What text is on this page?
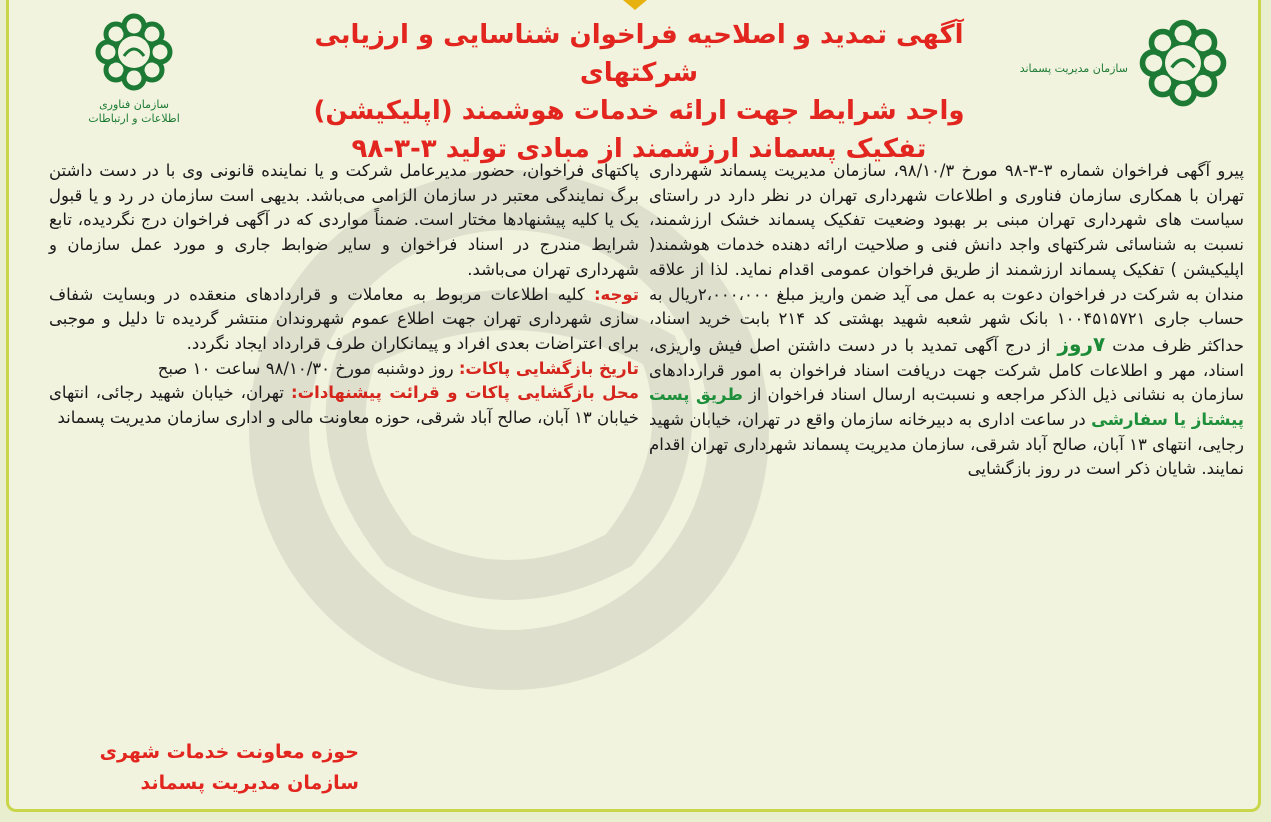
سازمان فناوری
اطلاعات و ارتباطات
سازمان مدیریت پسماند
آگهی تمدید و اصلاحیه فراخوان شناسایی و ارزیابی شرکتهای
واجد شرایط جهت ارائه خدمات هوشمند (اپلیکیشن)
تفکیک پسماند ارزشمند از مبادی تولید ۳-۳-۹۸

پیرو آگهی فراخوان شماره ۳-۳-۹۸ مورخ ۹۸/۱۰/۳، سازمان مدیریت پسماند شهرداری تهران با همکاری سازمان فناوری و اطلاعات شهرداری تهران در نظر دارد در راستای سیاست های شهرداری تهران مبنی بر بهبود وضعیت تفکیک پسماند خشک ارزشمند، نسبت به شناسائی شرکتهای واجد دانش فنی و صلاحیت ارائه دهنده خدمات هوشمند( اپلیکیشن ) تفکیک پسماند ارزشمند از طریق فراخوان عمومی اقدام نماید. لذا از علاقه مندان به شرکت در فراخوان دعوت به عمل می آید ضمن واریز مبلغ ۲،۰۰۰،۰۰۰ریال به حساب جاری ۱۰۰۴۵۱۵۷۲۱ بانک شهر شعبه شهید بهشتی کد ۲۱۴ بابت خرید اسناد، حداکثر ظرف مدت ۷روز از درج آگهی تمدید با در دست داشتن اصل فیش واریزی، اسناد، مهر و اطلاعات کامل شرکت جهت دریافت اسناد فراخوان به امور قراردادهای سازمان به نشانی ذیل الذکر مراجعه و نسبت‌به ارسال اسناد فراخوان از طریق پست پیشتاز یا سفارشی در ساعت اداری به دبیرخانه سازمان واقع در تهران، خیابان شهید رجایی، انتهای ۱۳ آبان، صالح آباد شرقی، سازمان مدیریت پسماند شهرداری تهران اقدام نمایند. شایان ذکر است در روز بازگشایی

پاکتهای فراخوان، حضور مدیرعامل شرکت و یا نماینده قانونی وی با در دست داشتن برگ نمایندگی معتبر در سازمان الزامی می‌باشد. بدیهی است سازمان در رد و یا قبول یک یا کلیه پیشنهادها مختار است. ضمناً مواردی که در آگهی فراخوان درج نگردیده، تابع شرایط مندرج در اسناد فراخوان و سایر ضوابط جاری و مورد عمل سازمان و شهرداری تهران می‌باشد.

توجه: کلیه اطلاعات مربوط به معاملات و قراردادهای منعقده در وبسایت شفاف سازی شهرداری تهران جهت اطلاع عموم شهروندان منتشر گردیده تا دلیل و موجبی برای اعتراضات بعدی افراد و پیمانکاران طرف قرارداد ایجاد نگردد.

تاریخ بازگشایی پاکات: روز دوشنبه مورخ ۹۸/۱۰/۳۰ ساعت ۱۰ صبح

محل بازگشایی پاکات و قرائت پیشنهادات: تهران، خیابان شهید رجائی، انتهای خیابان ۱۳ آبان، صالح آباد شرقی، حوزه معاونت مالی و اداری سازمان مدیریت پسماند

حوزه معاونت خدمات شهری
سازمان مدیریت پسماند
